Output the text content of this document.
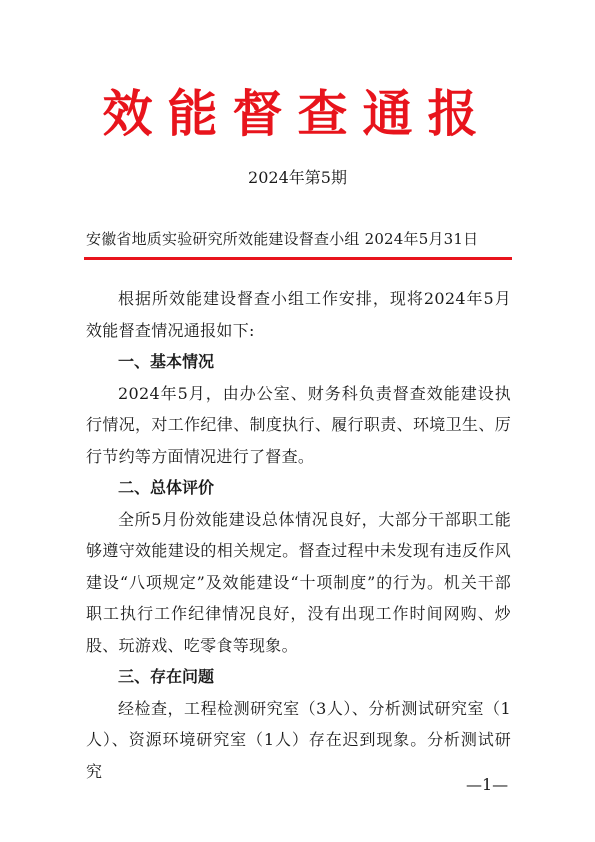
效能督查通报
2024年第5期
安徽省地质实验研究所效能建设督查小组 2024年5月31日

根据所效能建设督查小组工作安排，现将2024年5月效能督查情况通报如下:

一、基本情况

2024年5月，由办公室、财务科负责督查效能建设执行情况，对工作纪律、制度执行、履行职责、环境卫生、厉行节约等方面情况进行了督查。

二、总体评价

全所5月份效能建设总体情况良好，大部分干部职工能够遵守效能建设的相关规定。督查过程中未发现有违反作风建设“八项规定”及效能建设“十项制度”的行为。机关干部职工执行工作纪律情况良好，没有出现工作时间网购、炒股、玩游戏、吃零食等现象。

三、存在问题

经检查，工程检测研究室（3人）、分析测试研究室（1人）、资源环境研究室（1人）存在迟到现象。分析测试研究

—1—
